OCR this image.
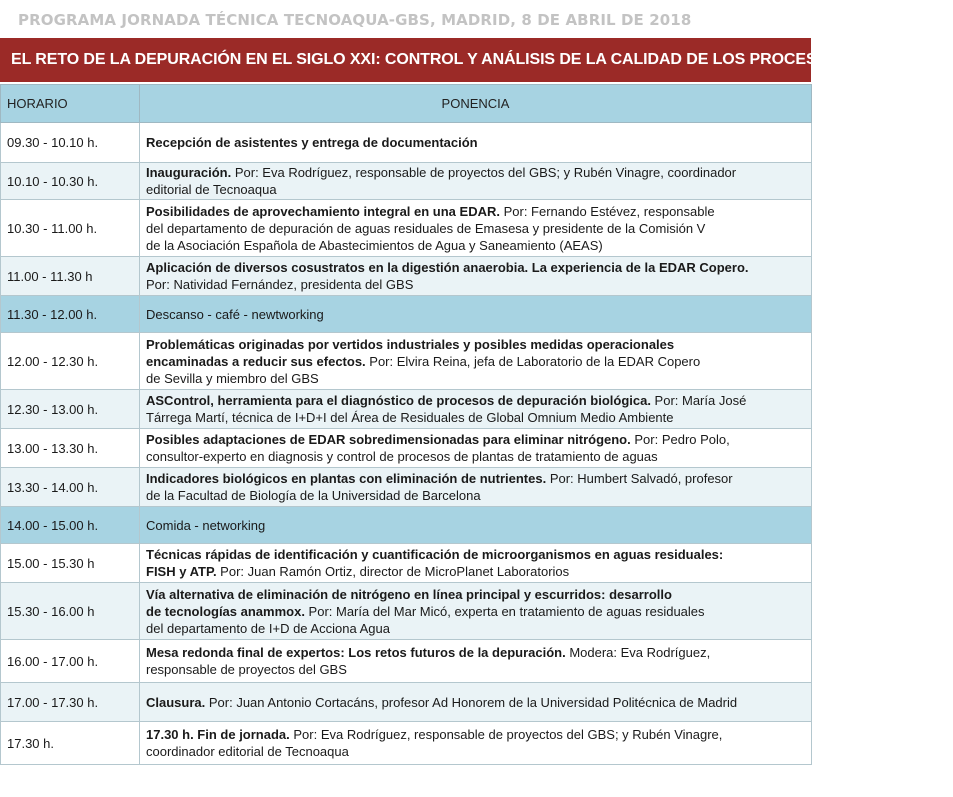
PROGRAMA JORNADA TÉCNICA TECNOAQUA-GBS, MADRID, 8 DE ABRIL DE 2018
EL RETO DE LA DEPURACIÓN EN EL SIGLO XXI: CONTROL Y ANÁLISIS DE LA CALIDAD DE LOS PROCESOS EN UNA EDAR
HORARIO	PONENCIA
09.30 - 10.10 h.	Recepción de asistentes y entrega de documentación

10.10 - 10.30 h.	Inauguración. Por: Eva Rodríguez, responsable de proyectos del GBS; y Rubén Vinagre, coordinador
editorial de Tecnoaqua

10.30 - 11.00 h.	Posibilidades de aprovechamiento integral en una EDAR. Por: Fernando Estévez, responsable
del departamento de depuración de aguas residuales de Emasesa y presidente de la Comisión V
de la Asociación Española de Abastecimientos de Agua y Saneamiento (AEAS)

11.00 - 11.30 h	Aplicación de diversos cosustratos en la digestión anaerobia. La experiencia de la EDAR Copero.
Por: Natividad Fernández, presidenta del GBS

11.30 - 12.00 h.	Descanso - café - newtworking

12.00 - 12.30 h.	Problemáticas originadas por vertidos industriales y posibles medidas operacionales
encaminadas a reducir sus efectos. Por: Elvira Reina, jefa de Laboratorio de la EDAR Copero
de Sevilla y miembro del GBS

12.30 - 13.00 h.	ASControl, herramienta para el diagnóstico de procesos de depuración biológica. Por: María José
Tárrega Martí, técnica de I+D+I del Área de Residuales de Global Omnium Medio Ambiente

13.00 - 13.30 h.	Posibles adaptaciones de EDAR sobredimensionadas para eliminar nitrógeno. Por: Pedro Polo,
consultor-experto en diagnosis y control de procesos de plantas de tratamiento de aguas

13.30 - 14.00 h.	Indicadores biológicos en plantas con eliminación de nutrientes. Por: Humbert Salvadó, profesor
de la Facultad de Biología de la Universidad de Barcelona

14.00 - 15.00 h.	Comida - networking

15.00 - 15.30 h	Técnicas rápidas de identificación y cuantificación de microorganismos en aguas residuales:
FISH y ATP. Por: Juan Ramón Ortiz, director de MicroPlanet Laboratorios

15.30 - 16.00 h	Vía alternativa de eliminación de nitrógeno en línea principal y escurridos: desarrollo
de tecnologías anammox. Por: María del Mar Micó, experta en tratamiento de aguas residuales
del departamento de I+D de Acciona Agua

16.00 - 17.00 h.	Mesa redonda final de expertos: Los retos futuros de la depuración. Modera: Eva Rodríguez,
responsable de proyectos del GBS

17.00 - 17.30 h.	Clausura. Por: Juan Antonio Cortacáns, profesor Ad Honorem de la Universidad Politécnica de Madrid

17.30 h.	17.30 h. Fin de jornada. Por: Eva Rodríguez, responsable de proyectos del GBS; y Rubén Vinagre,
coordinador editorial de Tecnoaqua
